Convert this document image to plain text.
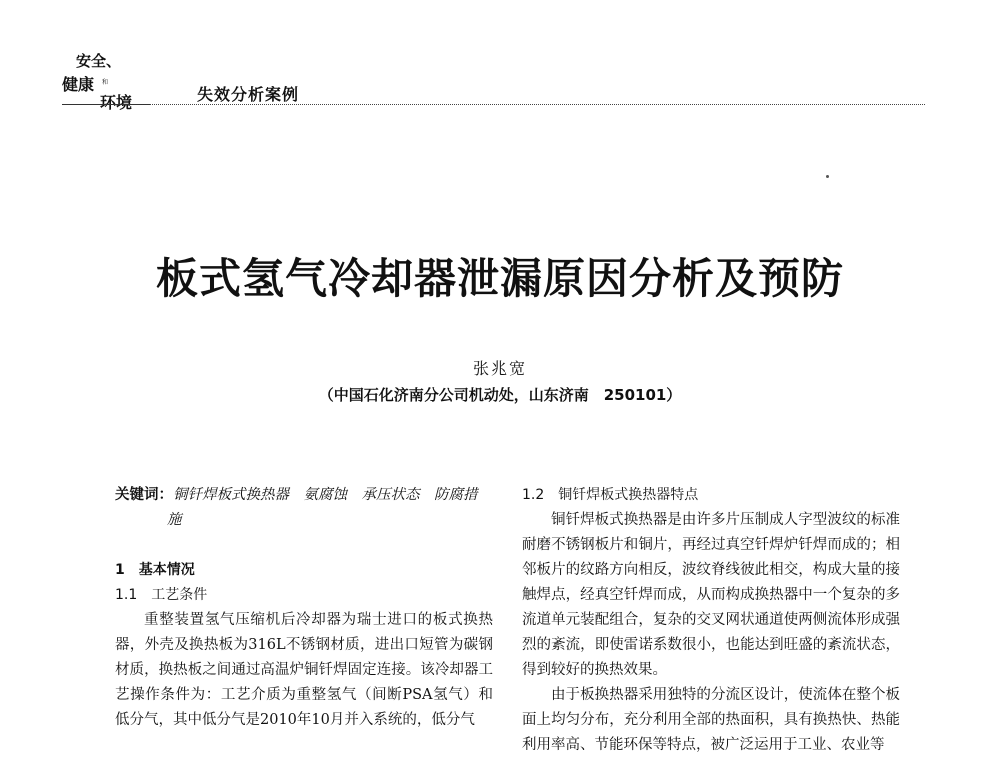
安全、
健康 和
环境	失效分析案例
板式氢气冷却器泄漏原因分析及预防
张兆宽
（中国石化济南分公司机动处，山东济南　250101）
关键词：铜钎焊板式换热器　氨腐蚀　承压状态　防腐措
施
1　基本情况
1.1　工艺条件
重整装置氢气压缩机后冷却器为瑞士进口的板式换热器，外壳及换热板为316L不锈钢材质，进出口短管为碳钢材质，换热板之间通过高温炉铜钎焊固定连接。该冷却器工艺操作条件为：工艺介质为重整氢气（间断PSA氢气）和低分气，其中低分气是2010年10月并入系统的，低分气
1.2　铜钎焊板式换热器特点
铜钎焊板式换热器是由许多片压制成人字型波纹的标准耐磨不锈钢板片和铜片，再经过真空钎焊炉钎焊而成的；相邻板片的纹路方向相反，波纹脊线彼此相交，构成大量的接触焊点，经真空钎焊而成，从而构成换热器中一个复杂的多流道单元装配组合，复杂的交叉网状通道使两侧流体形成强烈的紊流，即使雷诺系数很小，也能达到旺盛的紊流状态，得到较好的换热效果。
由于板换热器采用独特的分流区设计，使流体在整个板面上均匀分布，充分利用全部的热面积，具有换热快、热能利用率高、节能环保等特点，被广泛运用于工业、农业等
